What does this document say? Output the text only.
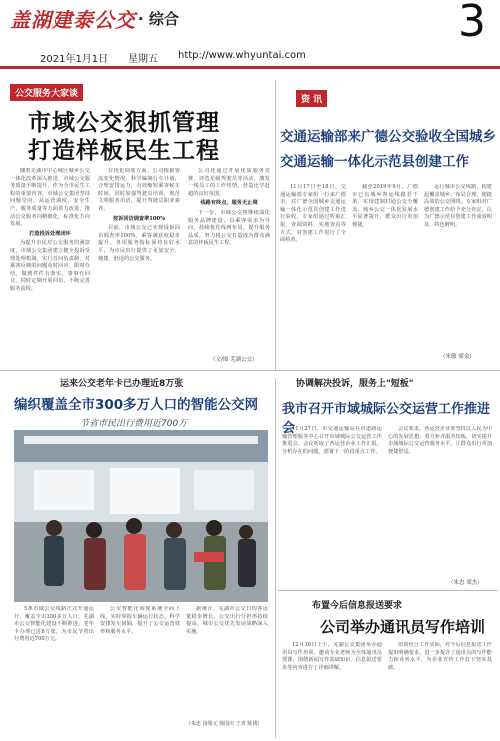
盖湖建泰公交 · 综合	3
2021年1月1日 星期五 http://www.whyuntai.com
公交服务大家谈
市域公交狠抓管理
打造样板民生工程

随着芜湖市中心城区城乡公交一体化改革深入推进，市域公交服务质量不断提升。作为全市民生工程的重要内容，市域公交集团坚持问题导向，从运营调度、安全生产、服务质量等方面着力改进，推动公交服务向精细化、标准化方向发展。

打造投诉处理闭环

为提升市民对公交服务的满意度，市域公交集团建立健全投诉受理处理机制，实行首问负责制，对乘客反映的问题及时回应、限时办结，做到件件有落实、事事有回音。同时定期开展回访，不断完善服务流程。

在优化调度方面，公司根据客流变化情况，科学编制行车计划，合理安排运力，有效缩短乘客候车时间。同时加强驾驶员培训，规范文明服务用语，提升驾驶员职业素养。

按诉回访调查率100%

目前，市域公交已实现投诉回访调查率100%，乘客满意度稳步提升，各项服务指标保持良好水平，为市民出行提供了更加安全、便捷、舒适的公交服务。

公司还通过开展优质服务竞赛、评选星级驾驶员等活动，激发一线员工的工作热情，营造比学赶超的良好氛围。

线路有终点，服务无止境

下一步，市域公交将继续深化服务品牌建设，以乘客需求为导向，持续优化线网布局，提升服务品质，努力将公交打造成为群众满意的样板民生工程。

（文/图 芜湖公交）
资 讯
交通运输部来广德公交验收全国城乡
交通运输一体化示范县创建工作

11月17日至18日，交通运输部专家组一行来广德市，对广德全国城乡交通运输一体化示范县创建工作进行验收。专家组通过听取汇报、查阅资料、实地查看等方式，对创建工作进行了全面检查。

截至2019年9月，广德市已有城乡客运线路若干条，实现建制村通公交全覆盖，城乡公交一体化发展水平显著提升，群众出行更加便捷。

运行城市公交线路，构建起覆盖城乡、布局合理、便捷高效的公交网络。专家组对广德创建工作给予充分肯定，认为广德示范县创建工作成效明显，特色鲜明。

（朱敏 梁金）
运来公交老年卡已办理近8万张
编织覆盖全市300多万人口的智能公交网
节省市民出行费用近700万

5条市域公交线路正式开通运行，覆盖全市300多万人口。芜湖市公交智能化建设不断推进，老年卡办理已近8万张，为市民节省出行费用近700万元。

公交智能化调度系统全面上线，实时掌握车辆运行状态，科学安排发车间隔，提升了公交运营效率和服务水平。

据统计，芜湖市公交日均客运量稳步增长，公交出行分担率持续提高，城市公交优先发展战略深入实施。

（朱忠 汤梁元 徐国庆 王青 陈钱）
协调解决投诉，服务上"短板"
我市召开市域城际公交运营工作推进会

11月27日，市交通运输局在市道路运输管理服务中心召开市域城际公交运营工作推进会，会议听取了各运营企业工作汇报，分析存在的问题，部署下一阶段重点工作。

会议要求，各运营企业要坚持以人民为中心的发展思想，着力补齐服务短板，切实提升市域城际公交运营服务水平，让群众出行更加便捷舒适。

（朱忠 梁杰）
布置今后信息报送要求
公司举办通讯员写作培训

12月30日上午，芜湖公交集团举办通讯员写作培训，邀请专业老师为全体通讯员授课，围绕新闻写作基础知识、信息报送要求等内容进行了详细讲解。

培训结合工作实际，对今后信息报送工作提出明确要求，进一步提升了通讯员的写作能力和业务水平，为企业宣传工作打下坚实基础。
